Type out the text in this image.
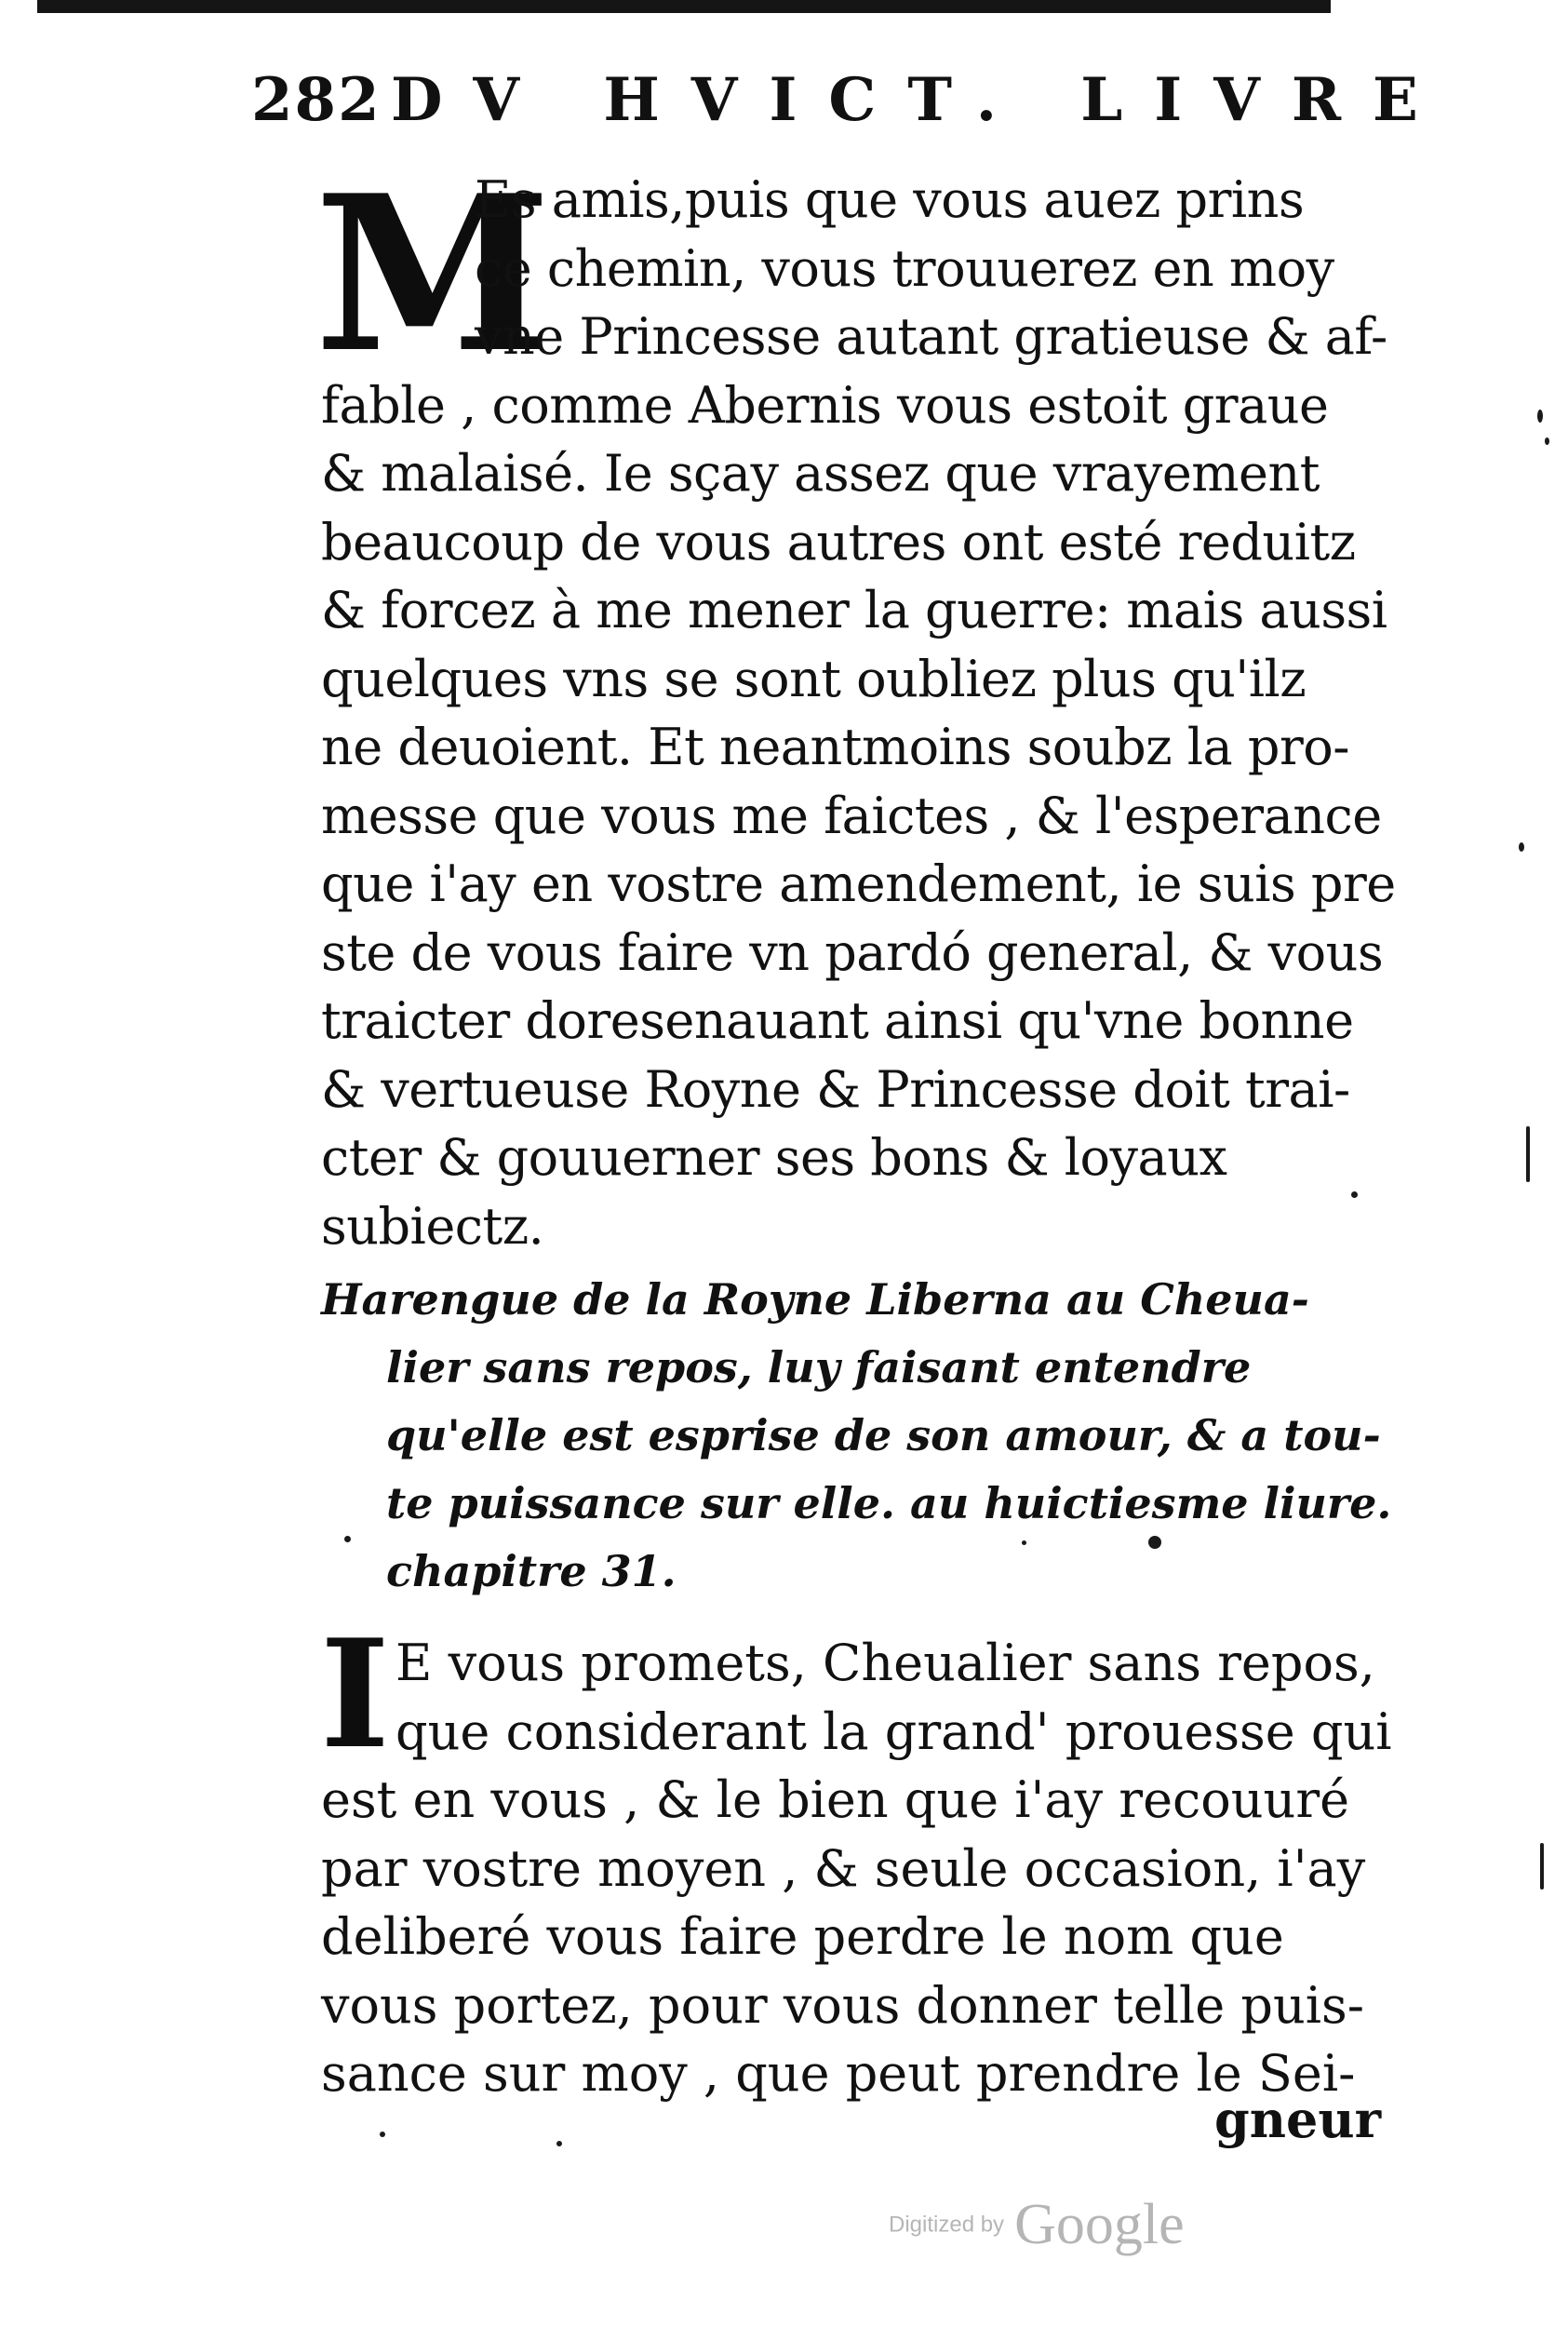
282 DV HVICT. LIVRE
M
Es amis,puis que vous auez prins
ce chemin, vous trouuerez en moy
vne Princesse autant gratieuse & af-
fable , comme Abernis vous estoit graue
& malaisé. Ie sçay assez que vrayement
beaucoup de vous autres ont esté reduitz
& forcez à me mener la guerre: mais aussi
quelques vns se sont oubliez plus qu'ilz
ne deuoient. Et neantmoins soubz la pro-
messe que vous me faictes , & l'esperance
que i'ay en vostre amendement, ie suis pre
ste de vous faire vn pardó general, & vous
traicter doresenauant ainsi qu'vne bonne
& vertueuse Royne & Princesse doit trai-
cter & gouuerner ses bons & loyaux
subiectz.
Harengue de la Royne Liberna au Cheua-
lier sans repos, luy faisant entendre
qu'elle est esprise de son amour, & a tou-
te puissance sur elle. au huictiesme liure.
chapitre 31.
I E vous promets, Cheualier sans repos,
que considerant la grand' prouesse qui
est en vous , & le bien que i'ay recouuré
par vostre moyen , & seule occasion, i'ay
deliberé vous faire perdre le nom que
vous portez, pour vous donner telle puis-
sance sur moy , que peut prendre le Sei-
gneur
Digitized by Google
